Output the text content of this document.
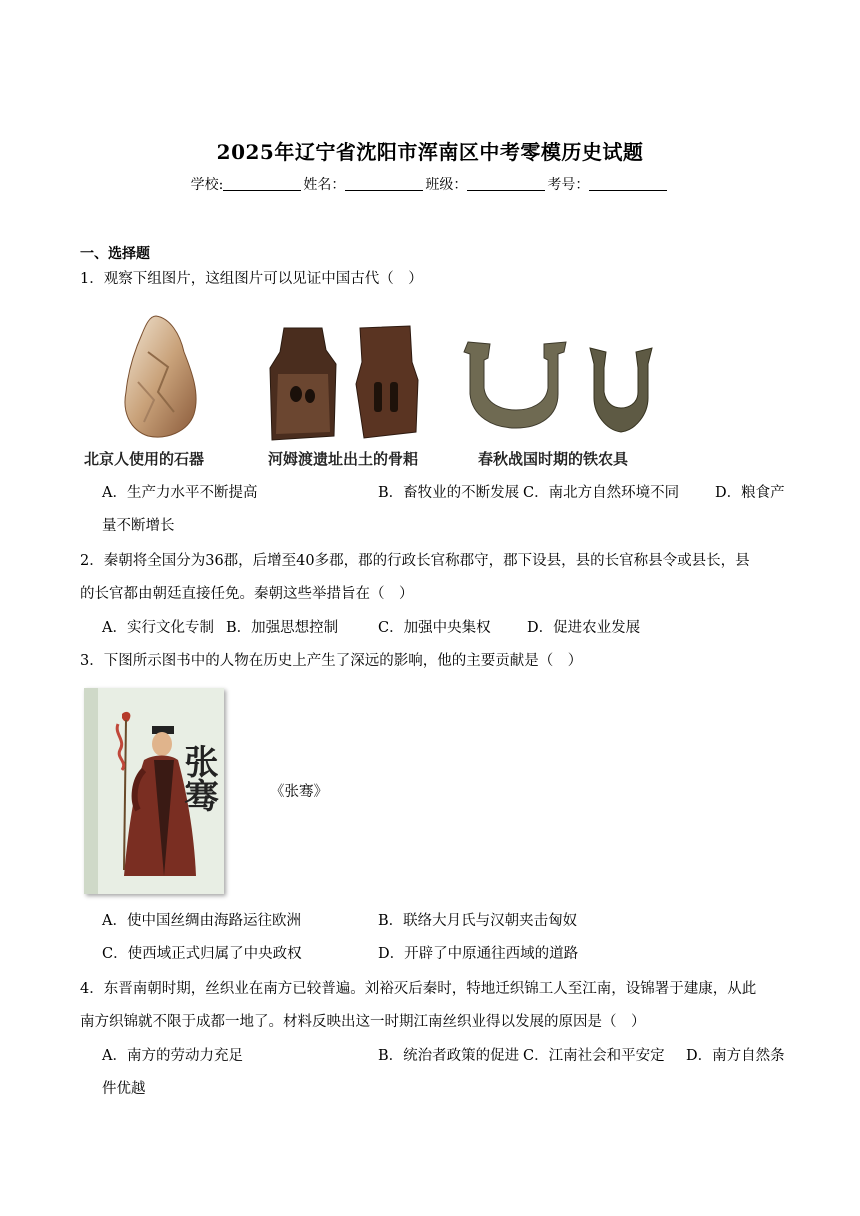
2025年辽宁省沈阳市浑南区中考零模历史试题
学校:	姓名：	班级：	考号：
一、选择题
1．观察下组图片，这组图片可以见证中国古代（　）
北京人使用的石器	河姆渡遗址出土的骨耜	春秋战国时期的铁农具
A．生产力水平不断提高	B．畜牧业的不断发展 C．南北方自然环境不同 D．粮食产
量不断增长
2．秦朝将全国分为36郡，后增至40多郡，郡的行政长官称郡守，郡下设县，县的长官称县令或县长，县
的长官都由朝廷直接任免。秦朝这些举措旨在（　）
A．实行文化专制 B．加强思想控制	C．加强中央集权	D．促进农业发展
3．下图所示图书中的人物在历史上产生了深远的影响，他的主要贡献是（　）
张骞	《张骞》
A．使中国丝绸由海路运往欧洲	B．联络大月氏与汉朝夹击匈奴
C．使西域正式归属了中央政权	D．开辟了中原通往西域的道路
4．东晋南朝时期，丝织业在南方已较普遍。刘裕灭后秦时，特地迁织锦工人至江南，设锦署于建康，从此
南方织锦就不限于成都一地了。材料反映出这一时期江南丝织业得以发展的原因是（　）
A．南方的劳动力充足	B．统治者政策的促进 C．江南社会和平安定 D．南方自然条
件优越
